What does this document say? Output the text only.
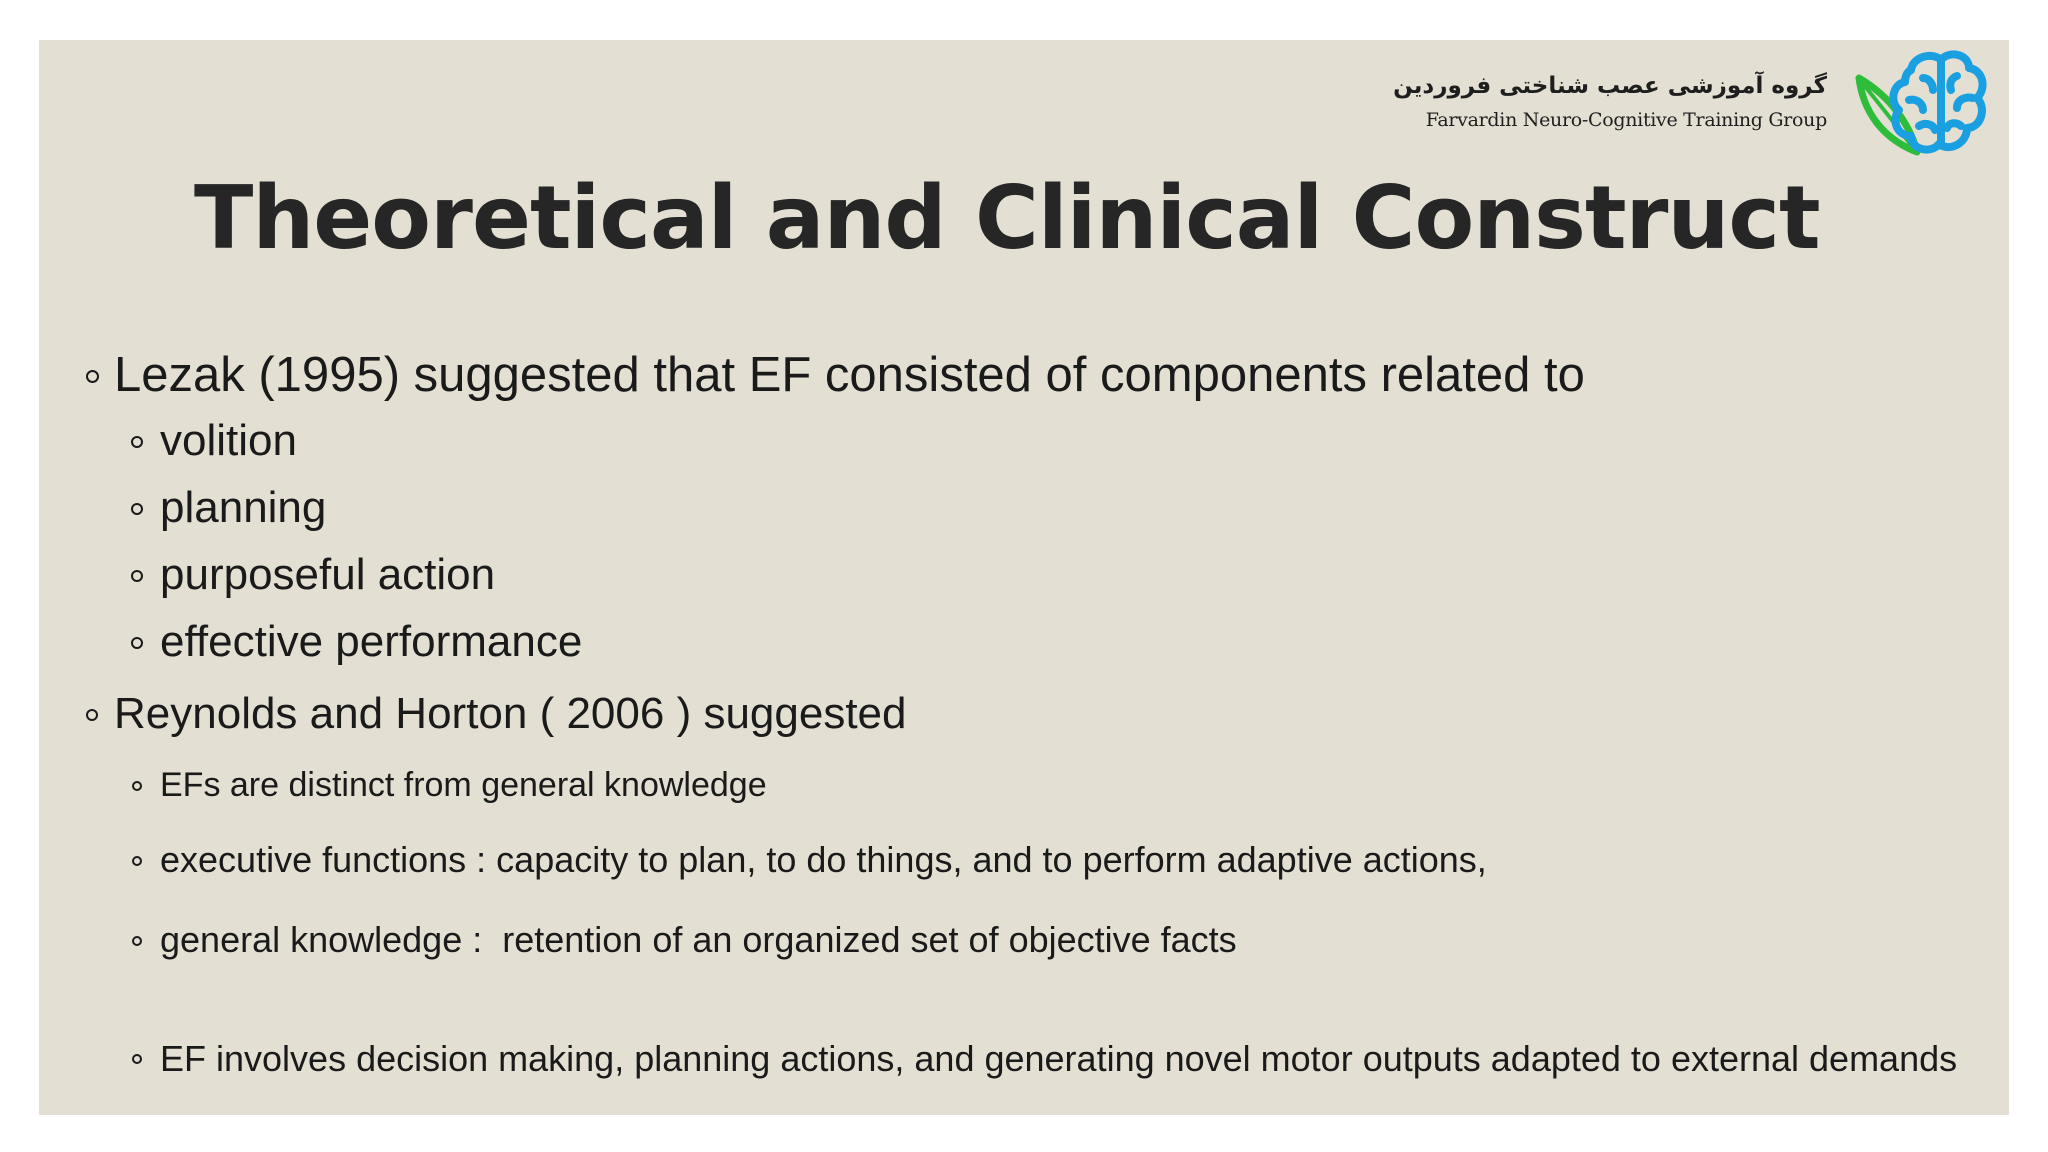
گروه آموزشی عصب شناختی فروردین
Farvardin Neuro-Cognitive Training Group
Theoretical and Clinical Construct
Lezak (1995) suggested that EF consisted of components related to
volition
planning
purposeful action
effective performance
Reynolds and Horton ( 2006 ) suggested
EFs are distinct from general knowledge
executive functions : capacity to plan, to do things, and to perform adaptive actions,
general knowledge :  retention of an organized set of objective facts
EF involves decision making, planning actions, and generating novel motor outputs adapted to external demands
